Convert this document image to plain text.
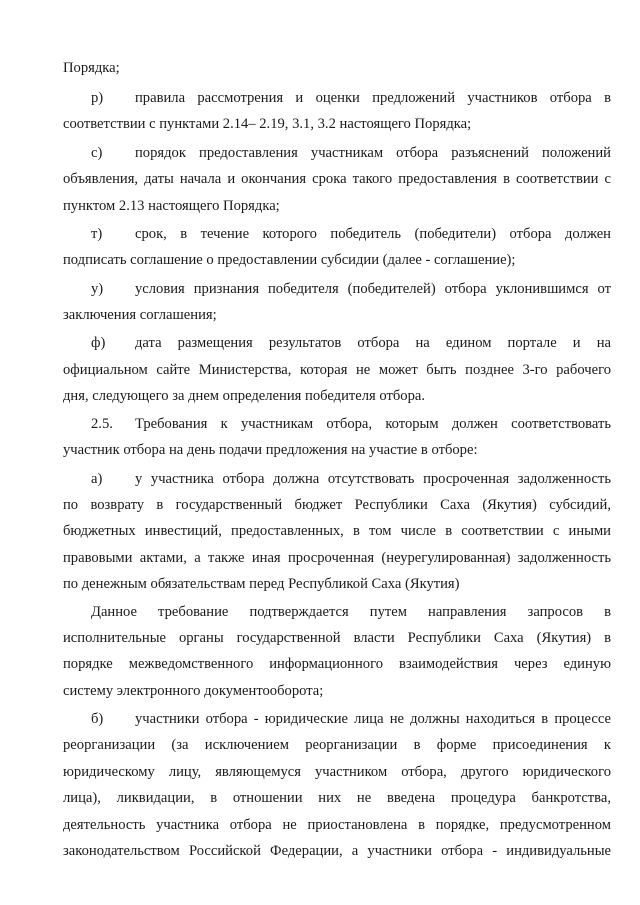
Порядка;
р) правила рассмотрения и оценки предложений участников отбора в
соответствии с пунктами 2.14– 2.19, 3.1, 3.2 настоящего Порядка;
с) порядок предоставления участникам отбора разъяснений положений
объявления, даты начала и окончания срока такого предоставления в соответствии с
пунктом 2.13 настоящего Порядка;
т) срок, в течение которого победитель (победители) отбора должен
подписать соглашение о предоставлении субсидии (далее - соглашение);
у) условия признания победителя (победителей) отбора уклонившимся от
заключения соглашения;
ф) дата размещения результатов отбора на едином портале и на
официальном сайте Министерства, которая не может быть позднее 3-го рабочего
дня, следующего за днем определения победителя отбора.
2.5. Требования к участникам отбора, которым должен соответствовать
участник отбора на день подачи предложения на участие в отборе:
а) у участника отбора должна отсутствовать просроченная задолженность
по возврату в государственный бюджет Республики Саха (Якутия) субсидий,
бюджетных инвестиций, предоставленных, в том числе в соответствии с иными
правовыми актами, а также иная просроченная (неурегулированная) задолженность
по денежным обязательствам перед Республикой Саха (Якутия)
Данное требование подтверждается путем направления запросов в
исполнительные органы государственной власти Республики Саха (Якутия) в
порядке межведомственного информационного взаимодействия через единую
систему электронного документооборота;
б) участники отбора - юридические лица не должны находиться в процессе
реорганизации (за исключением реорганизации в форме присоединения к
юридическому лицу, являющемуся участником отбора, другого юридического
лица), ликвидации, в отношении них не введена процедура банкротства,
деятельность участника отбора не приостановлена в порядке, предусмотренном
законодательством Российской Федерации, а участники отбора - индивидуальные
